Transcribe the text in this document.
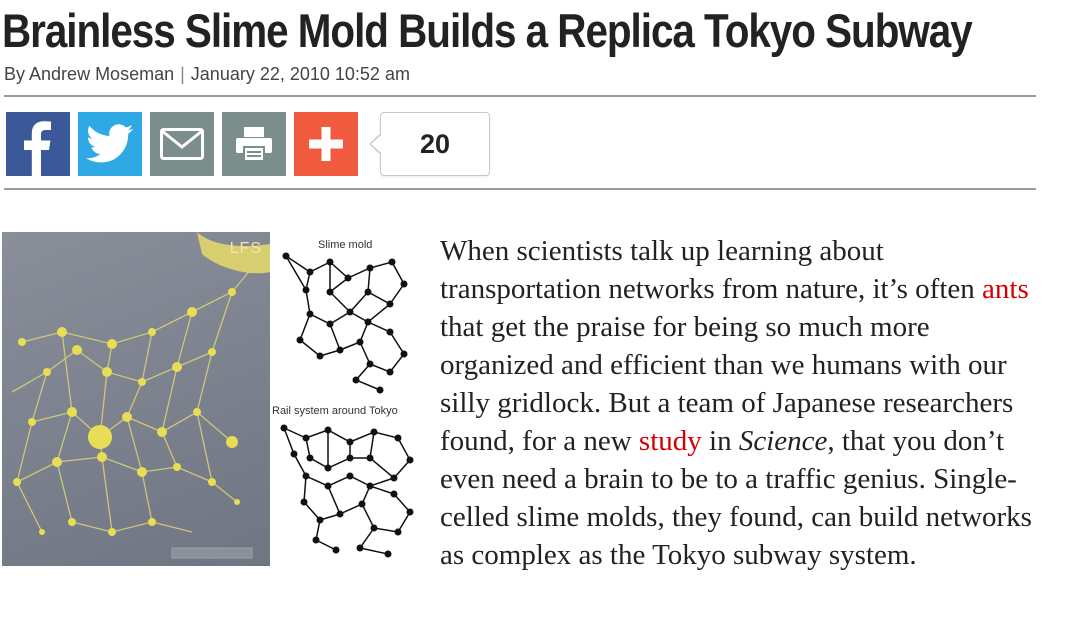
Brainless Slime Mold Builds a Replica Tokyo Subway
By Andrew Moseman | January 22, 2010 10:52 am
20
LFS	Slime mold
Rail system around Tokyo

When scientists talk up learning about transportation networks from nature, it’s often ants that get the praise for being so much more organized and efficient than we humans with our silly gridlock. But a team of Japanese researchers found, for a new study in Science, that you don’t even need a brain to be to a traffic genius. Single-celled slime molds, they found, can build networks as complex as the Tokyo subway system.
